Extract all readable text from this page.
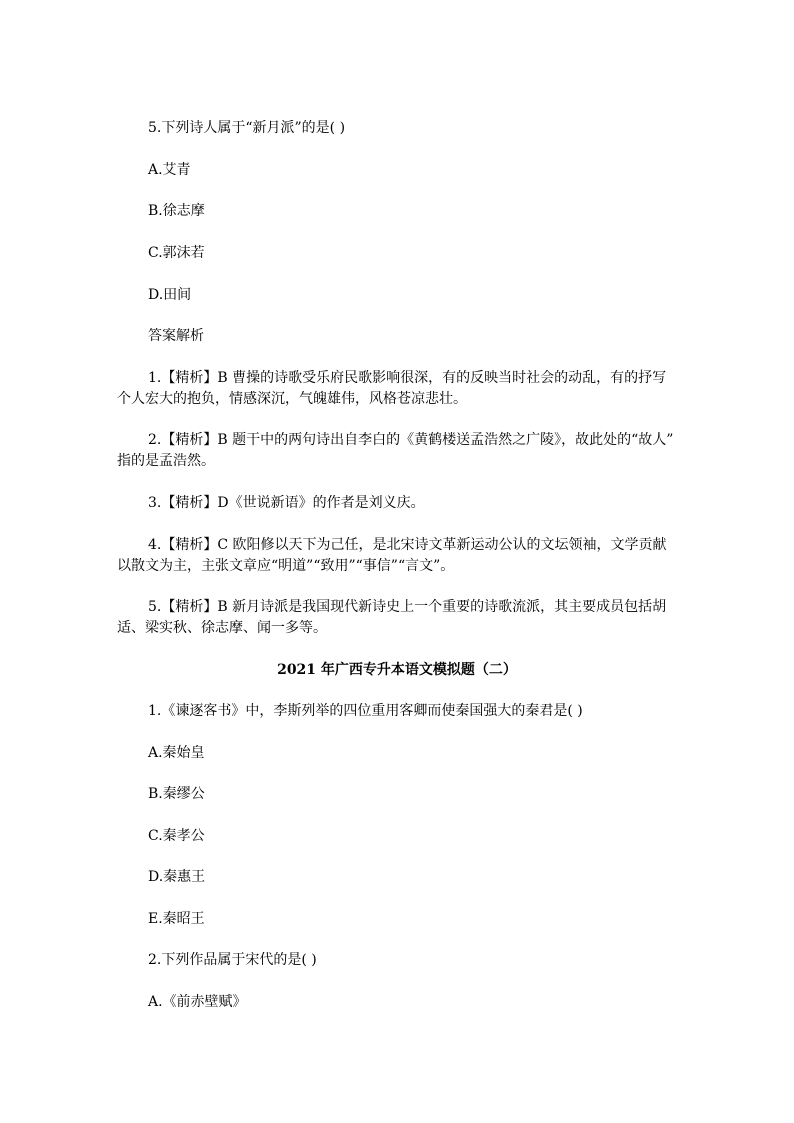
5.下列诗人属于“新月派”的是( )

A.艾青

B.徐志摩

C.郭沫若

D.田间

答案解析

1.【精析】B 曹操的诗歌受乐府民歌影响很深，有的反映当时社会的动乱，有的抒写

个人宏大的抱负，情感深沉，气魄雄伟，风格苍凉悲壮。

2.【精析】B 题干中的两句诗出自李白的《黄鹤楼送孟浩然之广陵》，故此处的“故人”

指的是孟浩然。

3.【精析】D《世说新语》的作者是刘义庆。

4.【精析】C 欧阳修以天下为己任，是北宋诗文革新运动公认的文坛领袖，文学贡献

以散文为主，主张文章应“明道”“致用”“事信”“言文”。

5.【精析】B 新月诗派是我国现代新诗史上一个重要的诗歌流派，其主要成员包括胡

适、梁实秋、徐志摩、闻一多等。

2021 年广西专升本语文模拟题（二）

1.《谏逐客书》中，李斯列举的四位重用客卿而使秦国强大的秦君是( )

A.秦始皇

B.秦缪公

C.秦孝公

D.秦惠王

E.秦昭王

2.下列作品属于宋代的是( )

A.《前赤壁赋》
